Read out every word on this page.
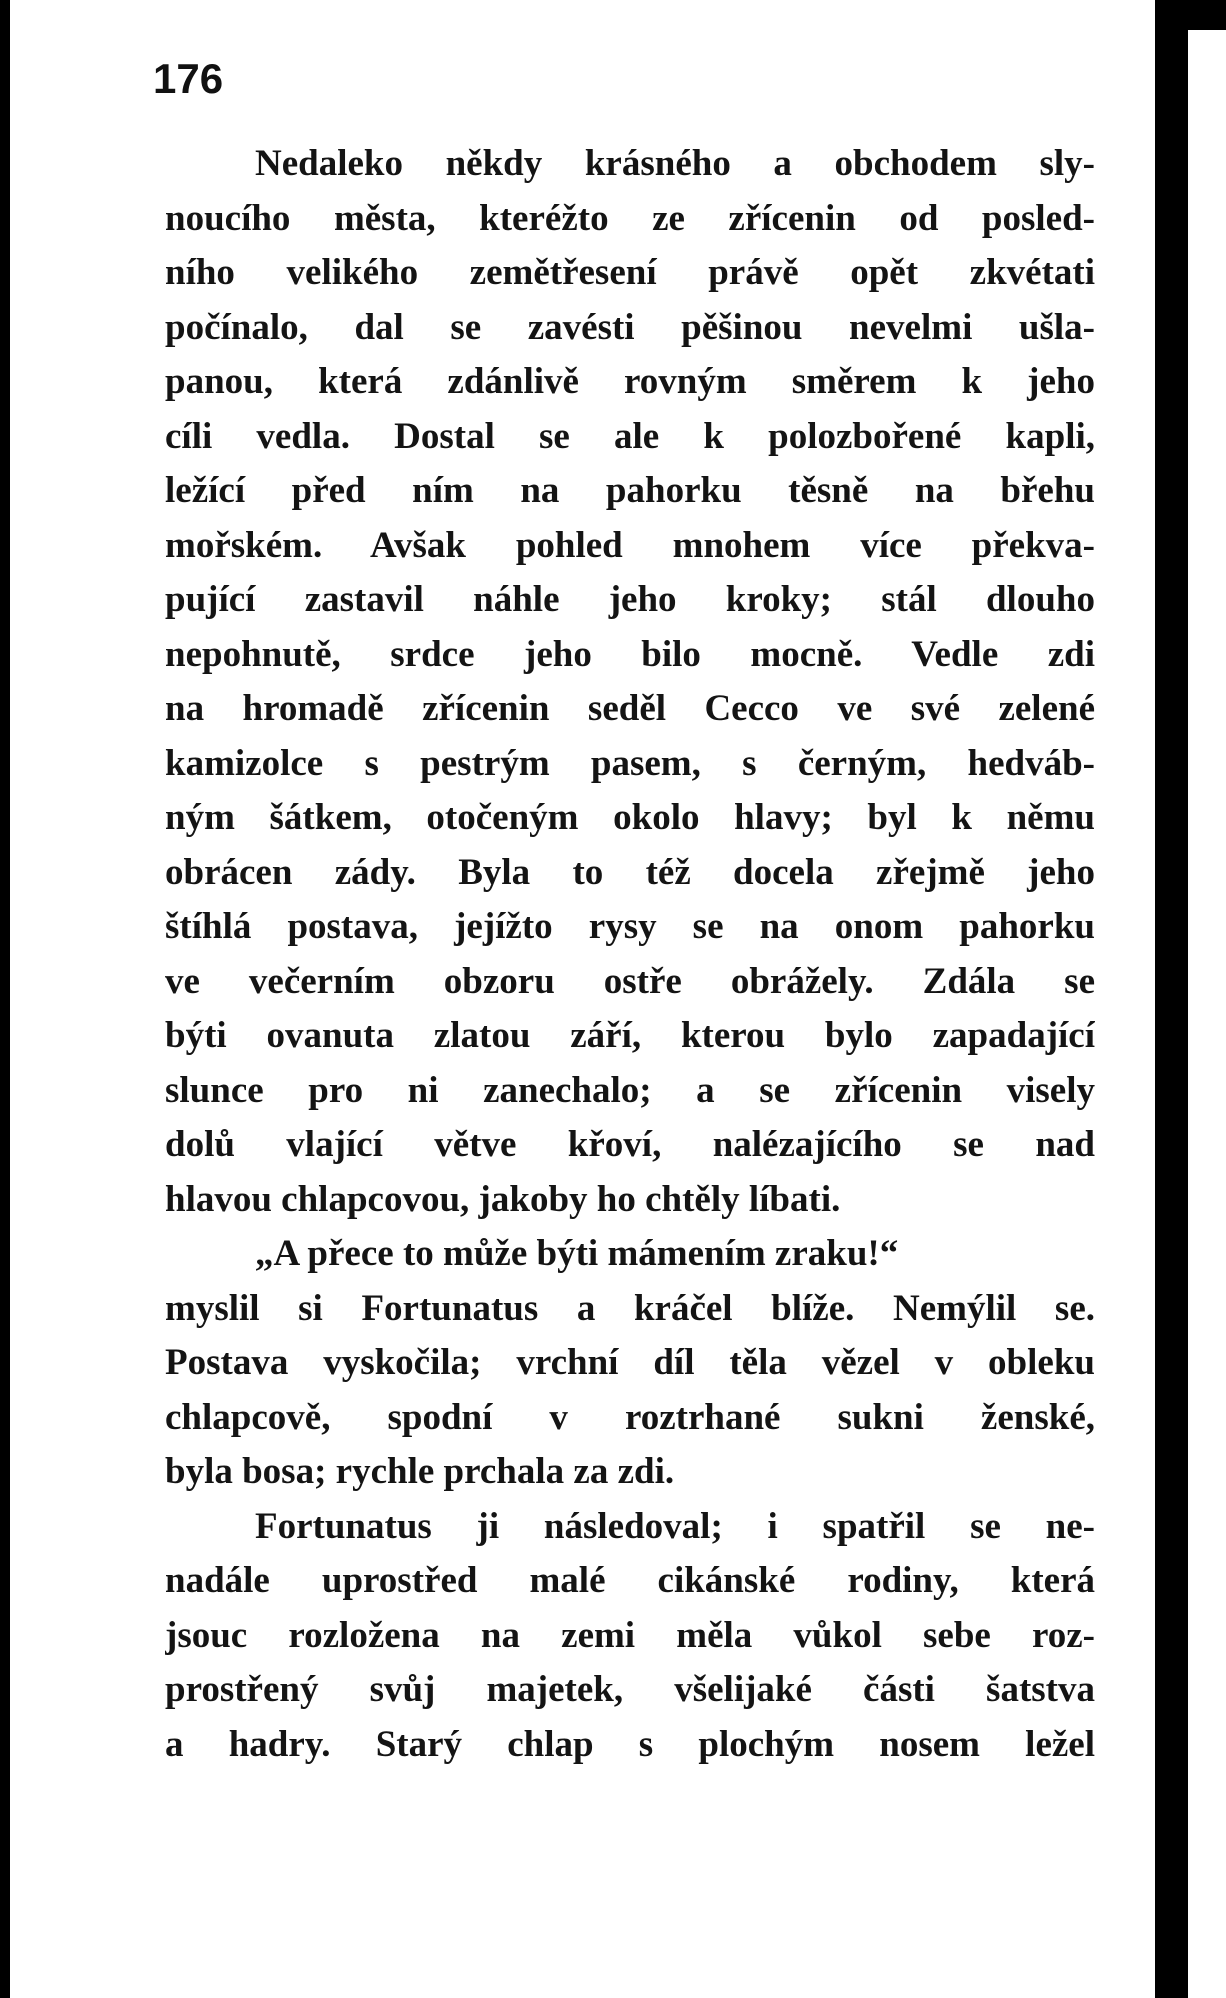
176

Nedaleko někdy krásného a obchodem sly-

noucího města, kteréžto ze zřícenin od posled-

ního velikého zemětřesení právě opět zkvétati

počínalo, dal se zavésti pěšinou nevelmi ušla-

panou, která zdánlivě rovným směrem k jeho

cíli vedla. Dostal se ale k polozbořené kapli,

ležící před ním na pahorku těsně na břehu

mořském. Avšak pohled mnohem více překva-

pující zastavil náhle jeho kroky; stál dlouho

nepohnutě, srdce jeho bilo mocně. Vedle zdi

na hromadě zřícenin seděl Cecco ve své zelené

kamizolce s pestrým pasem, s černým, hedváb-

ným šátkem, otočeným okolo hlavy; byl k němu

obrácen zády. Byla to též docela zřejmě jeho

štíhlá postava, jejížto rysy se na onom pahorku

ve večerním obzoru ostře obrážely. Zdála se

býti ovanuta zlatou září, kterou bylo zapadající

slunce pro ni zanechalo; a se zřícenin visely

dolů vlající větve křoví, nalézajícího se nad

hlavou chlapcovou, jakoby ho chtěly líbati.

„A přece to může býti mámením zraku!“

myslil si Fortunatus a kráčel blíže. Nemýlil se.

Postava vyskočila; vrchní díl těla vězel v obleku

chlapcově, spodní v roztrhané sukni ženské,

byla bosa; rychle prchala za zdi.

Fortunatus ji následoval; i spatřil se ne-

nadále uprostřed malé cikánské rodiny, která

jsouc rozložena na zemi měla vůkol sebe roz-

prostřený svůj majetek, všelijaké části šatstva

a hadry. Starý chlap s plochým nosem ležel
